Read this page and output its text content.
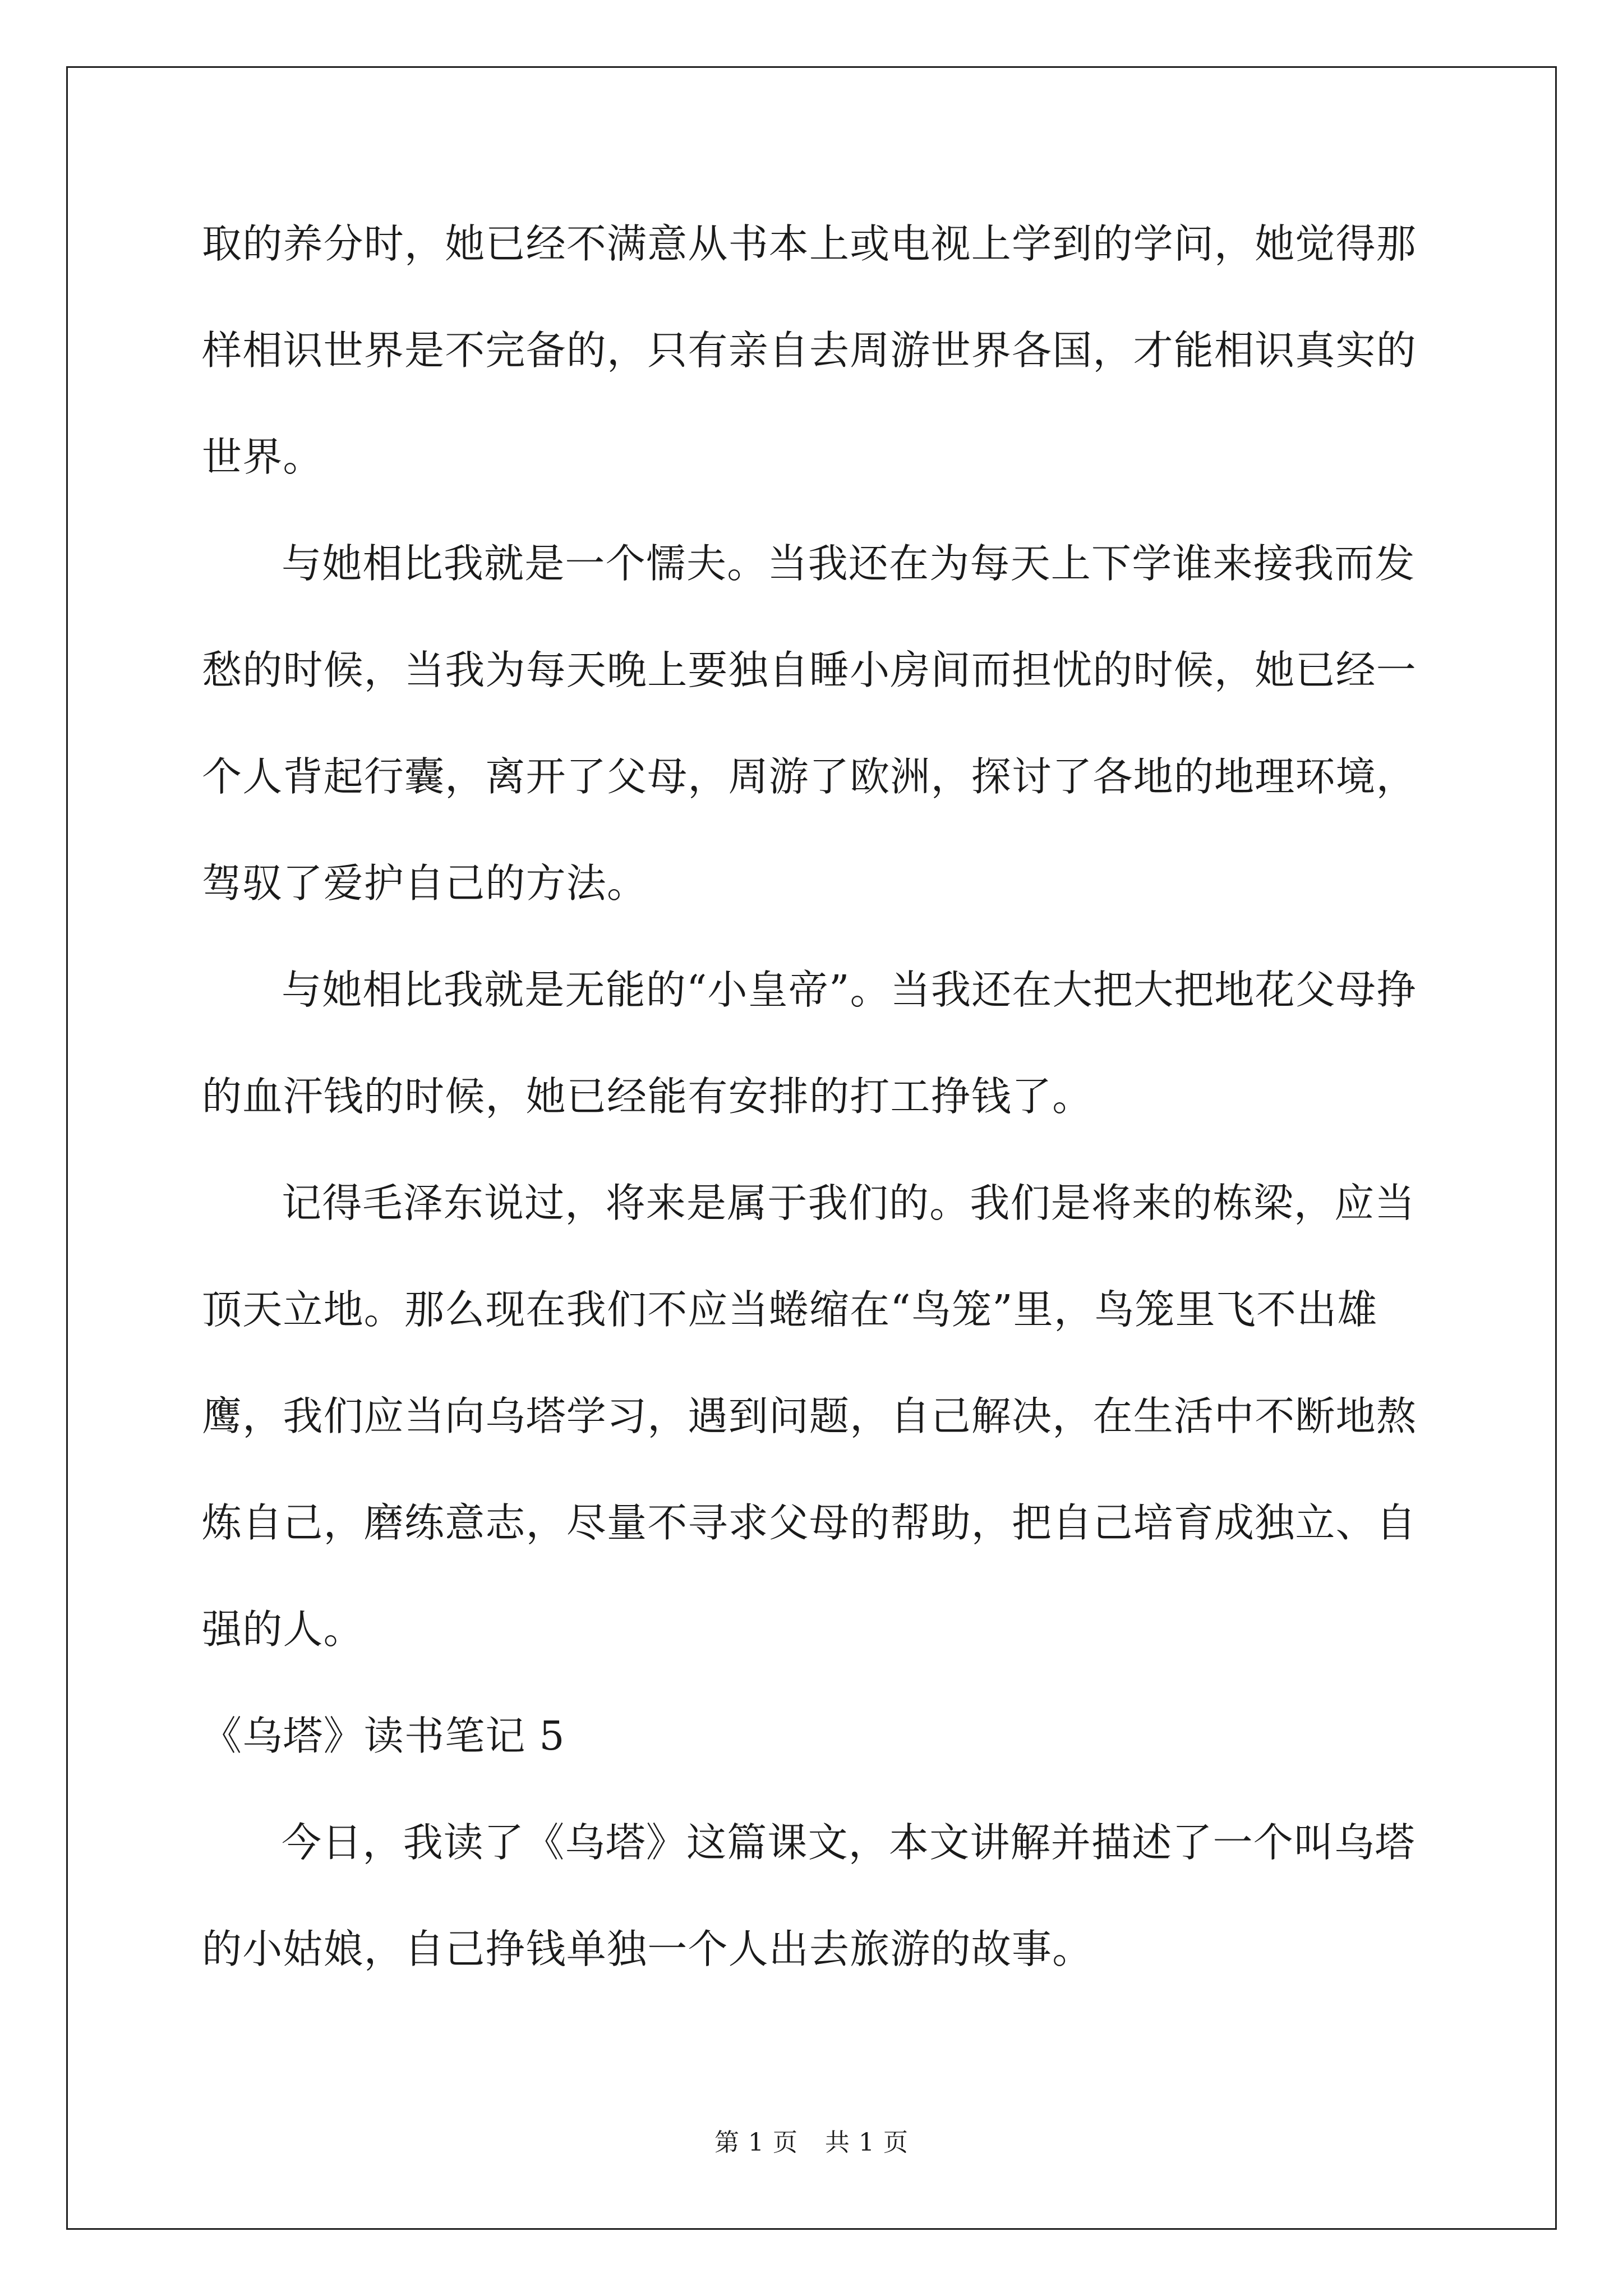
取的养分时，她已经不满意从书本上或电视上学到的学问，她觉得那
样相识世界是不完备的，只有亲自去周游世界各国，才能相识真实的
世界。
与她相比我就是一个懦夫。当我还在为每天上下学谁来接我而发
愁的时候，当我为每天晚上要独自睡小房间而担忧的时候，她已经一
个人背起行囊，离开了父母，周游了欧洲，探讨了各地的地理环境，
驾驭了爱护自己的方法。
与她相比我就是无能的“小皇帝”。当我还在大把大把地花父母挣
的血汗钱的时候，她已经能有安排的打工挣钱了。
记得毛泽东说过，将来是属于我们的。我们是将来的栋梁，应当
顶天立地。那么现在我们不应当蜷缩在“鸟笼”里，鸟笼里飞不出雄
鹰，我们应当向乌塔学习，遇到问题，自己解决，在生活中不断地熬
炼自己，磨练意志，尽量不寻求父母的帮助，把自己培育成独立、自
强的人。
《乌塔》读书笔记 5
今日，我读了《乌塔》这篇课文，本文讲解并描述了一个叫乌塔
的小姑娘，自己挣钱单独一个人出去旅游的故事。
第 1 页 共 1 页
